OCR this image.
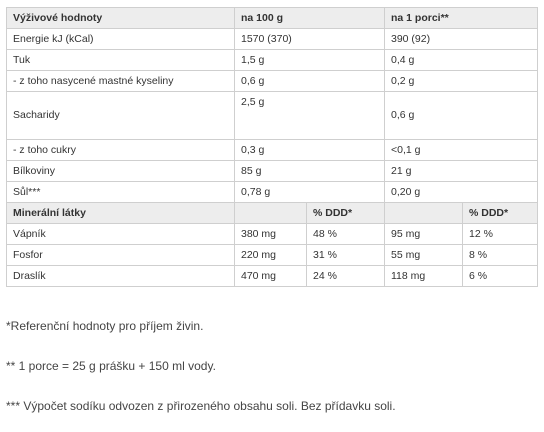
Výživové hodnoty	na 100 g		na 1 porci**	
Energie kJ (kCal)	1570 (370)		390 (92)	
Tuk	1,5 g		0,4 g	
- z toho nasycené mastné kyseliny	0,6 g		0,2 g	
Sacharidy	2,5 g		0,6 g	
- z toho cukry	0,3 g		<0,1 g	
Bílkoviny	85 g		21 g	
Sůl***	0,78 g		0,20 g	
Minerální látky		% DDD*		% DDD*
Vápník	380 mg	48 %	95 mg	12 %
Fosfor	220 mg	31 %	55 mg	8 %
Draslík	470 mg	24 %	118 mg	6 %
*Referenční hodnoty pro příjem živin.
** 1 porce = 25 g prášku + 150 ml vody.
*** Výpočet sodíku odvozen z přirozeného obsahu soli. Bez přídavku soli.
